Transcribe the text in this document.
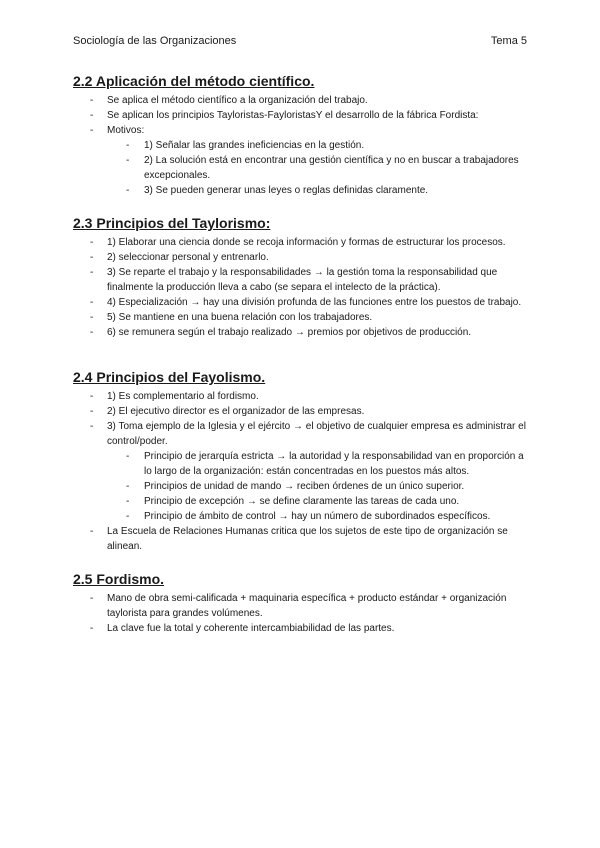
Sociología de las Organizaciones	Tema 5
2.2 Aplicación del método científico.
- Se aplica el método científico a la organización del trabajo.
- Se aplican los principios Tayloristas-FayloristasY el desarrollo de la fábrica Fordista:
- Motivos:
- 1) Señalar las grandes ineficiencias en la gestión.
- 2) La solución está en encontrar una gestión científica y no en buscar a trabajadores excepcionales.
- 3) Se pueden generar unas leyes o reglas definidas claramente.
2.3 Principios del Taylorismo:
- 1) Elaborar una ciencia donde se recoja información y formas de estructurar los procesos.
- 2) seleccionar personal y entrenarlo.
- 3) Se reparte el trabajo y la responsabilidades → la gestión toma la responsabilidad que finalmente la producción lleva a cabo (se separa el intelecto de la práctica).
- 4) Especialización → hay una división profunda de las funciones entre los puestos de trabajo.
- 5) Se mantiene en una buena relación con los trabajadores.
- 6) se remunera según el trabajo realizado → premios por objetivos de producción.
2.4 Principios del Fayolismo.
- 1) Es complementario al fordismo.
- 2) El ejecutivo director es el organizador de las empresas.
- 3) Toma ejemplo de la Iglesia y el ejército → el objetivo de cualquier empresa es administrar el control/poder.
- Principio de jerarquía estricta → la autoridad y la responsabilidad van en proporción a lo largo de la organización: están concentradas en los puestos más altos.
- Principios de unidad de mando → reciben órdenes de un único superior.
- Principio de excepción → se define claramente las tareas de cada uno.
- Principio de ámbito de control → hay un número de subordinados específicos.
- La Escuela de Relaciones Humanas critica que los sujetos de este tipo de organización se alinean.
2.5 Fordismo.
- Mano de obra semi-calificada + maquinaria específica + producto estándar + organización taylorista para grandes volúmenes.
- La clave fue la total y coherente intercambiabilidad de las partes.
